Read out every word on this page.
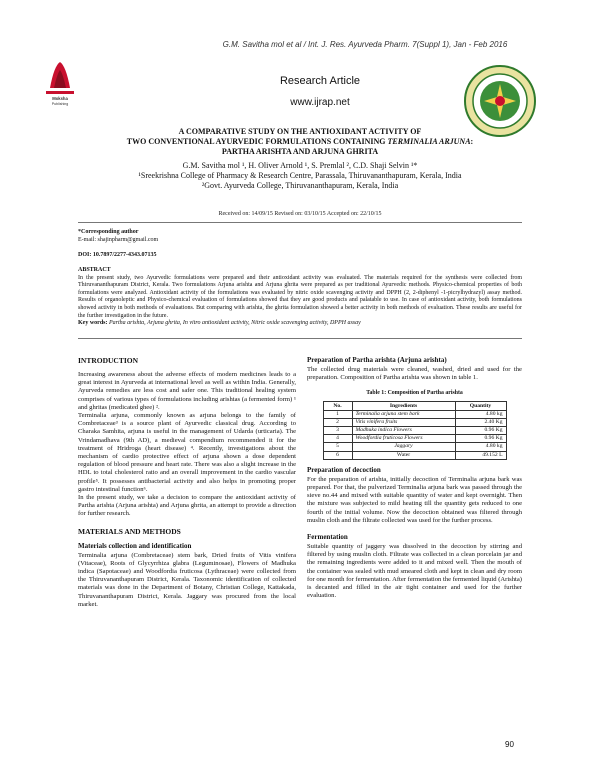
G.M. Savitha mol et al / Int. J. Res. Ayurveda Pharm. 7(Suppl 1), Jan - Feb 2016
Moksha
Publishing
Research Article
www.ijrap.net
A COMPARATIVE STUDY ON THE ANTIOXIDANT ACTIVITY OF
TWO CONVENTIONAL AYURVEDIC FORMULATIONS CONTAINING TERMINALIA ARJUNA:
PARTHA ARISHTA AND ARJUNA GHRITA
G.M. Savitha mol ¹, H. Oliver Arnold ¹, S. Premlal ², C.D. Shaji Selvin ¹*
¹Sreekrishna College of Pharmacy & Research Centre, Parassala, Thiruvananthapuram, Kerala, India
²Govt. Ayurveda College, Thiruvananthapuram, Kerala, India
Received on: 14/09/15 Revised on: 03/10/15 Accepted on: 22/10/15
*Corresponding author
E-mail: shajinpharm@gmail.com
DOI: 10.7897/2277-4343.07135
ABSTRACT
In the present study, two Ayurvedic formulations were prepared and their antioxidant activity was evaluated. The materials required for the synthesis were collected from Thiruvananthapuram District, Kerala. Two formulations Arjuna arishta and Arjuna ghrita were prepared as per traditional Ayurvedic methods. Physico-chemical properties of both formulations were analyzed. Antioxidant activity of the formulations was evaluated by nitric oxide scavenging activity and DPPH (2, 2-diphenyl -1-picrylhydrazyl) assay method. Results of organoleptic and Physico-chemical evaluation of formulations showed that they are good products and palatable to use. In case of antioxidant activity, both formulations showed activity in both methods of evaluations. But comparing with arishta, the ghrita formulation showed a better activity in both methods of evaluation. These results are useful for the further investigation in the future.
Key words: Partha arishta, Arjuna ghrita, In vitro antioxidant activity, Nitric oxide scavenging activity, DPPH assay
INTRODUCTION
Increasing awareness about the adverse effects of modern medicines leads to a great interest in Ayurveda at international level as well as within India. Generally, Ayurveda remedies are less cost and safer one. This traditional healing system comprises of various types of formulations including arishtas (a fermented form) ¹ and ghritas (medicated ghee) ².
Terminalia arjuna, commonly known as arjuna belongs to the family of Combretaceae³ is a source plant of Ayurvedic classical drug. According to Charaka Samhita, arjuna is useful in the management of Udarda (urticaria). The Vrindamadhava (9th AD), a medieval compendium recommended it for the treatment of Hridroga (heart disease) ⁴. Recently, investigations about the mechanism of cardio protective effect of arjuna shown a dose dependent regulation of blood pressure and heart rate. There was also a slight increase in the HDL to total cholesterol ratio and an overall improvement in the cardio vascular profile⁵. It possesses antibacterial activity and also helps in promoting proper gastro intestinal function⁶.
In the present study, we take a decision to compare the antioxidant activity of Partha arishta (Arjuna arishta) and Arjuna ghrita, an attempt to provide a direction for further research.
MATERIALS AND METHODS
Materials collection and identification
Terminalia arjuna (Combretaceae) stem bark, Dried fruits of Vitis vinifera (Vitaceae), Roots of Glycyrrhiza glabra (Leguminosae), Flowers of Madhuka indica (Sapotaceae) and Woodfordia fruticosa (Lythraceae) were collected from the Thiruvananthapuram District, Kerala. Taxonomic identification of collected materials was done in the Department of Botany, Christian College, Kattakada, Thiruvananthapuram District, Kerala. Jaggary was procured from the local market.
Preparation of Partha arishta (Arjuna arishta)
The collected drug materials were cleaned, washed, dried and used for the preparation. Composition of Partha arishta was shown in table 1.
Table 1: Composition of Partha arishta
No.	Ingredients	Quantity
1	Terminalia arjuna stem bark	4.80 kg
2	Vitis vinifera fruits	2.40 Kg
3	Madhuka indica Flowers	0.96 Kg
4	Woodfordia fruticosa Flowers	0.96 Kg
5	Jaggary	4.80 kg
6	Water	49.152 L
Preparation of decoction
For the preparation of arishta, initially decoction of Terminalia arjuna bark was prepared. For that, the pulverized Terminalia arjuna bark was passed through the sieve no.44 and mixed with suitable quantity of water and kept overnight. Then the mixture was subjected to mild heating till the quantity gets reduced to one fourth of the initial volume. Now the decoction obtained was filtered through muslin cloth and the filtrate collected was used for the further process.
Fermentation
Suitable quantity of jaggery was dissolved in the decoction by stirring and filtered by using muslin cloth. Filtrate was collected in a clean porcelain jar and the remaining ingredients were added to it and mixed well. Then the mouth of the container was sealed with mud smeared cloth and kept in clean and dry room for one month for fermentation. After fermentation the fermented liquid (Arishta) is decanted and filled in the air tight container and used for the further evaluation.
90
